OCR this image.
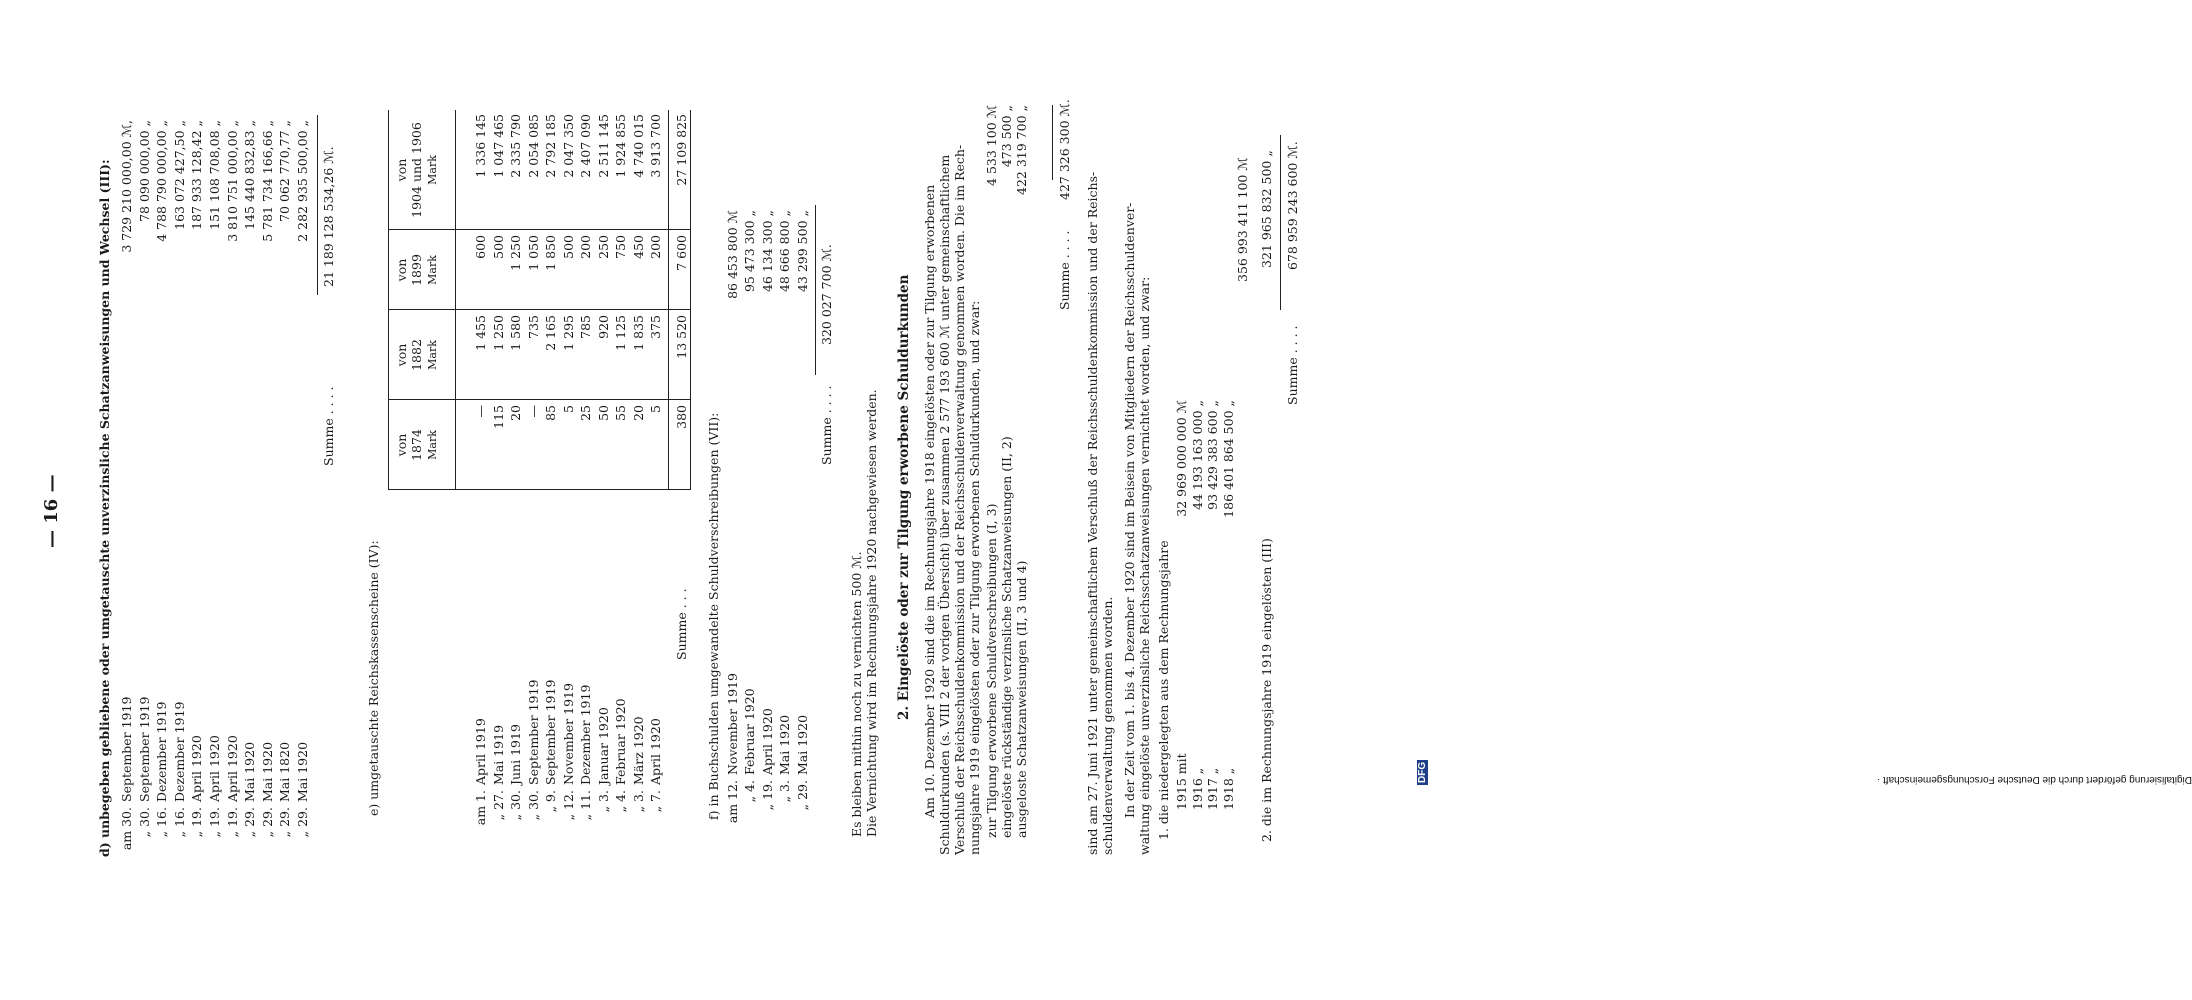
— 16 —	d) unbegeben gebliebene oder umgetauschte unverzinsliche Schatzanweisungen und Wechsel (III): am 30.
September 1919
3 729 210 000,00 ℳ,
„ 30.
September 1919
78 090 000,00 „
„ 16.
Dezember 1919
4 788 790 000,00 „
„ 16.
Dezember 1919
163 072 427,50 „
„ 19.
April 1920
187 933 128,42 „
„ 19.
April 1920
151 108 708,08 „
„ 19.
April 1920
3 810 751 000,00 „
„ 29.
Mai 1920
145 440 832,83 „
„ 29.
Mai 1920
5 781 734 166,66 „
„ 29.
Mai 1820
70 062 770,77 „
„ 29.
Mai 1920
2 282 935 500,00 „
Summe . . . .
21 189 128 534,26 ℳ.
e) umgetauschte Reichskassenscheine (IV):
von 1874 Mark
von 1882 Mark
von 1899 Mark
von 1904 und 1906 Mark
am 1.
April 1919
—
1 455
600
1 336 145
„ 27.
Mai 1919
115
1 250
500
1 047 465
„ 30.
Juni 1919
20
1 580
1 250
2 335 790
„ 30.
September 1919
—
735
1 050
2 054 085
„ 9.
September 1919
85
2 165
1 850
2 792 185
„ 12.
November 1919
5
1 295
500
2 047 350
„ 11.
Dezember 1919
25
785
200
2 407 090
„ 3.
Januar 1920
50
920
250
2 511 145
„ 4.
Februar 1920
55
1 125
750
1 924 855
„ 3.
März 1920
20
1 835
450
4 740 015
„ 7.
April 1920
5
375
200
3 913 700
Summe . . .
380
13 520
7 600
27 109 825
f) in Buchschulden umgewandelte Schuldverschreibungen (VII): am 12.
November 1919
86 453 800 ℳ
„ 4.
Februar 1920
95 473 300 „
„ 19.
April 1920
46 134 300 „
„ 3.
Mai 1920
48 666 800 „
„ 29.
Mai 1920
43 299 500 „
Summe . . . .
320 027 700 ℳ.
Es bleiben mithin noch zu vernichten 500 ℳ. Die Vernichtung wird im Rechnungsjahre 1920 nachgewiesen werden. 2. Eingelöste oder zur Tilgung erworbene Schuldurkunden Am 10. Dezember 1920 sind die im Rechnungsjahre 1918 eingelösten oder zur Tilgung erworbenen Schuldurkunden (s. VIII 2 der vorigen Übersicht) über zusammen 2 577 193 600 ℳ unter gemeinschaftlichem Verschluß der Reichsschuldenkommission und der Reichsschuldenverwaltung genommen worden. Die im Rech- nungsjahre 1919 eingelösten oder zur Tilgung erworbenen Schuldurkunden, und zwar: zur Tilgung erworbene Schuldverschreibungen (I, 3)
4 533 100 ℳ
eingelöste rückständige verzinsliche Schatzanweisungen (II, 2)
473 500 „
ausgeloste Schatzanweisungen (II, 3 und 4)
422 319 700 „
Summe . . . .
427 326 300 ℳ.
sind am 27. Juni 1921 unter gemeinschaftlichem Verschluß der Reichsschuldenkommission und der Reichs- schuldenverwaltung genommen worden. In der Zeit vom 1. bis 4. Dezember 1920 sind im Beisein von Mitgliedern der Reichsschuldenver- waltung eingelöste unverzinsliche Reichsschatzanweisungen vernichtet worden, und zwar: 1. die niedergelegten aus dem Rechnungsjahre 1915 mit
32 969 000 000 ℳ
1916 „
44 193 163 000 „
1917 „
93 429 383 600 „
1918 „
186 401 864 500 „
356 993 411 100 ℳ
2. die im Rechnungsjahre 1919 eingelösten (III)
321 965 832 500 „
Summe . . . .
678 959 243 600 ℳ.
Digitalisierung gefördert durch die Deutsche Forschungsgemeinschaft ·
DFG
